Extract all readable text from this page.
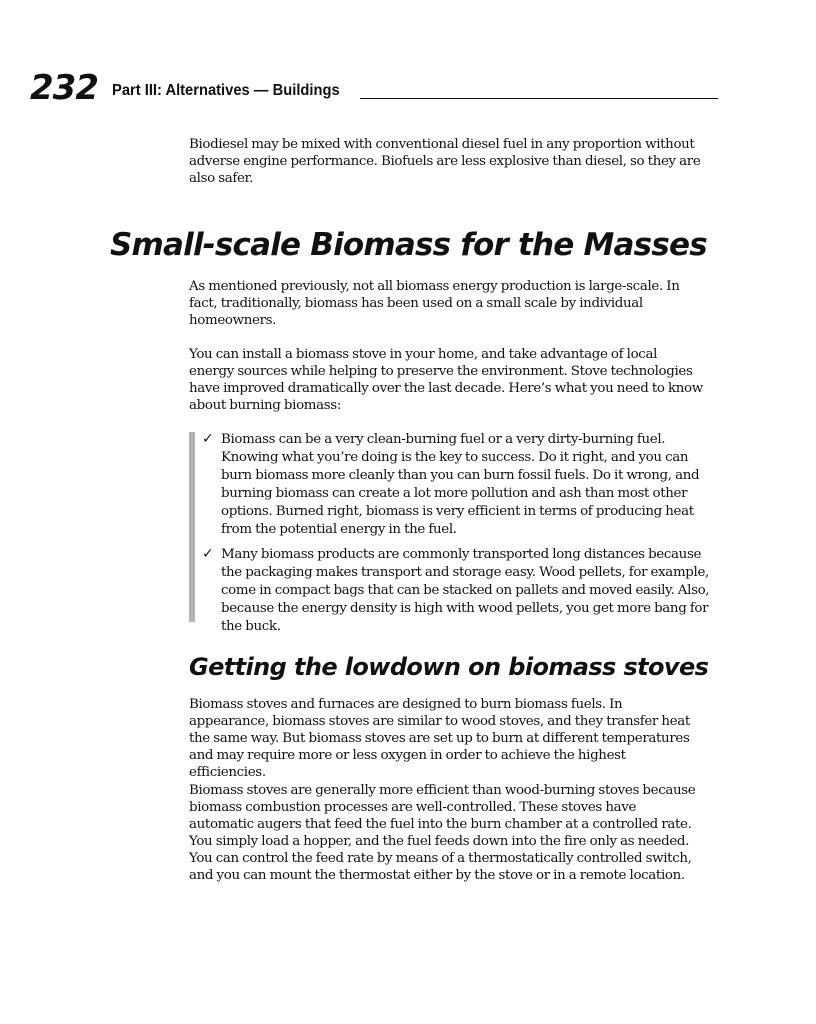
232 Part III: Alternatives — Buildings

Biodiesel may be mixed with conventional diesel fuel in any proportion without adverse engine performance. Biofuels are less explosive than diesel, so they are also safer.

Small-scale Biomass for the Masses

As mentioned previously, not all biomass energy production is large-scale. In fact, traditionally, biomass has been used on a small scale by individual homeowners.

You can install a biomass stove in your home, and take advantage of local energy sources while helping to preserve the environment. Stove technologies have improved dramatically over the last decade. Here’s what you need to know about burning biomass:

✓ Biomass can be a very clean-burning fuel or a very dirty-burning fuel. Knowing what you’re doing is the key to success. Do it right, and you can burn biomass more cleanly than you can burn fossil fuels. Do it wrong, and burning biomass can create a lot more pollution and ash than most other options. Burned right, biomass is very efficient in terms of producing heat from the potential energy in the fuel.
✓ Many biomass products are commonly transported long distances because the packaging makes transport and storage easy. Wood pellets, for example, come in compact bags that can be stacked on pallets and moved easily. Also, because the energy density is high with wood pellets, you get more bang for the buck.
Getting the lowdown on biomass stoves

Biomass stoves and furnaces are designed to burn biomass fuels. In appearance, biomass stoves are similar to wood stoves, and they transfer heat the same way. But biomass stoves are set up to burn at different temperatures and may require more or less oxygen in order to achieve the highest efficiencies.

Biomass stoves are generally more efficient than wood-burning stoves because biomass combustion processes are well-controlled. These stoves have automatic augers that feed the fuel into the burn chamber at a controlled rate. You simply load a hopper, and the fuel feeds down into the fire only as needed. You can control the feed rate by means of a thermostatically controlled switch, and you can mount the thermostat either by the stove or in a remote location.
